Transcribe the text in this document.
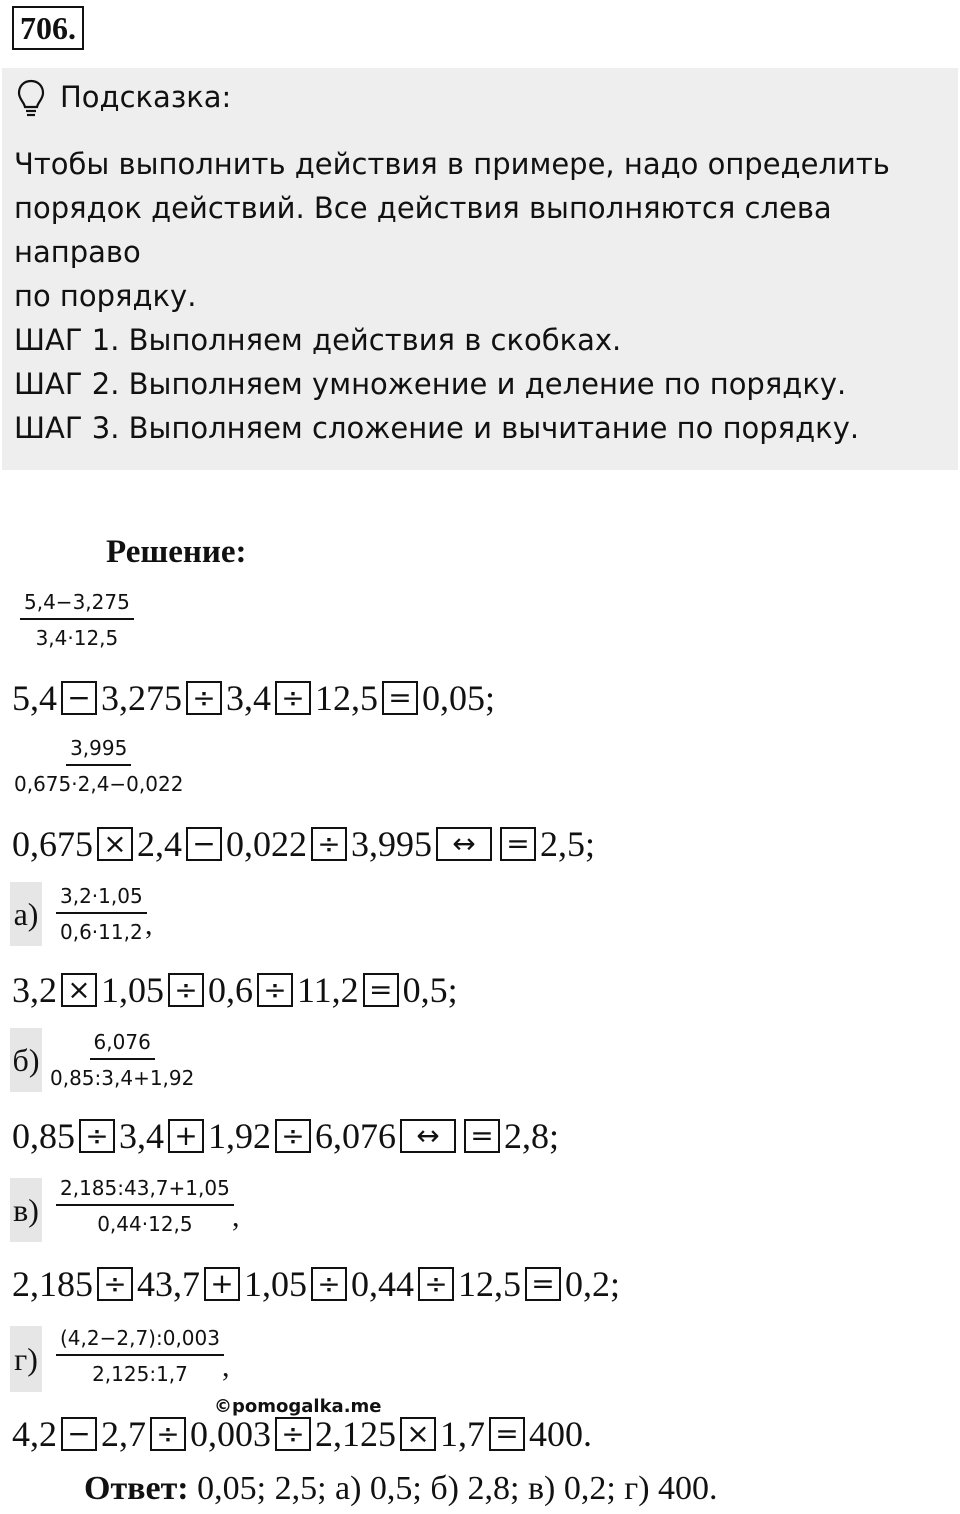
706.
Подсказка:
Чтобы выполнить действия в примере, надо определить
порядок действий. Все действия выполняются слева направо
по порядку.
ШАГ 1. Выполняем действия в скобках.
ШАГ 2. Выполняем умножение и деление по порядку.
ШАГ 3. Выполняем сложение и вычитание по порядку.
Решение:
$\frac{5,4-3,275}{3,4\cdot 12,5}$
5,4 − 3,275 ÷ 3,4 ÷ 12,5 = 0,05;
$\frac{3,995}{0,675\cdot 2,4-0,022}$
0,675 × 2,4 − 0,022 ÷ 3,995 ↔	= 2,5;
$а) \frac{3,2\cdot 1,05}{0,6\cdot 11,2}$
,
3,2 × 1,05 ÷ 0,6 ÷ 11,2 = 0,5;
$б) \frac{6,076}{0,85:3,4+1,92}$
0,85 ÷ 3,4 + 1,92 ÷ 6,076 ↔	= 2,8;
$в) \frac{2,185:43,7+1,05}{0,44\cdot 12,5}$
,
2,185 ÷ 43,7 + 1,05 ÷ 0,44 ÷ 12,5 = 0,2;
$г) \frac{(4,2-2,7):0,003}{2,125:1,7}$
,
4,2 − 2,7 ÷ 0,003 ÷ 2,125 × 1,7 = 400.
©pomogalka.me
Ответ: 0,05; 2,5; а) 0,5; б) 2,8; в) 0,2; г) 400.
